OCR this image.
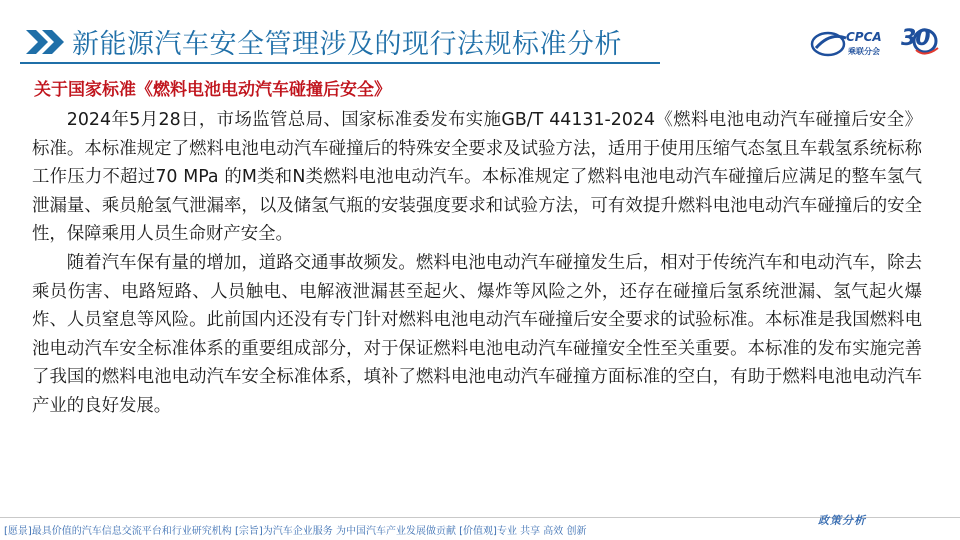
新能源汽车安全管理涉及的现行法规标准分析	CPCA
乘联分会
30
关于国家标准《燃料电池电动汽车碰撞后安全》

2024年5月28日，市场监管总局、国家标准委发布实施GB/T 44131-2024《燃料电池电动汽车碰撞后安全》标准。本标准规定了燃料电池电动汽车碰撞后的特殊安全要求及试验方法，适用于使用压缩气态氢且车载氢系统标称工作压力不超过70 MPa 的M类和N类燃料电池电动汽车。本标准规定了燃料电池电动汽车碰撞后应满足的整车氢气泄漏量、乘员舱氢气泄漏率，以及储氢气瓶的安装强度要求和试验方法，可有效提升燃料电池电动汽车碰撞后的安全性，保障乘用人员生命财产安全。

随着汽车保有量的增加，道路交通事故频发。燃料电池电动汽车碰撞发生后，相对于传统汽车和电动汽车，除去乘员伤害、电路短路、人员触电、电解液泄漏甚至起火、爆炸等风险之外，还存在碰撞后氢系统泄漏、氢气起火爆炸、人员窒息等风险。此前国内还没有专门针对燃料电池电动汽车碰撞后安全要求的试验标准。本标准是我国燃料电池电动汽车安全标准体系的重要组成部分，对于保证燃料电池电动汽车碰撞安全性至关重要。本标准的发布实施完善了我国的燃料电池电动汽车安全标准体系，填补了燃料电池电动汽车碰撞方面标准的空白，有助于燃料电池电动汽车产业的良好发展。

[愿景]最具价值的汽车信息交流平台和行业研究机构 [宗旨]为汽车企业服务 为中国汽车产业发展做贡献 [价值观]专业 共享 高效 创新
政策分析
